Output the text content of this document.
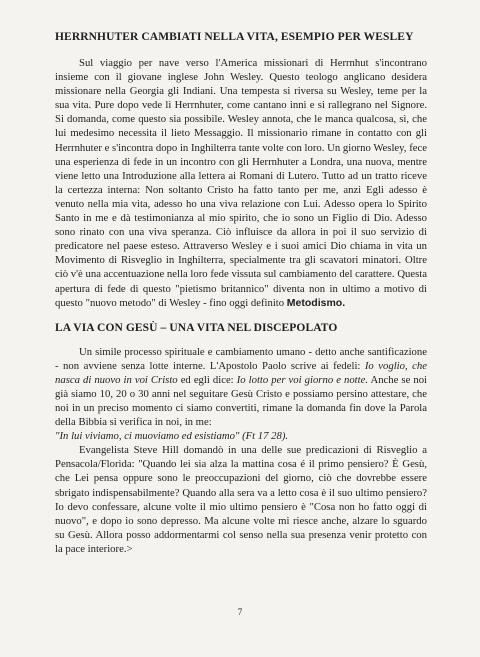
HERRNHUTER CAMBIATI NELLA VITA, ESEMPIO PER WESLEY

Sul viaggio per nave verso l'America missionari di Herrnhut s'incontrano insieme con il giovane inglese John Wesley. Questo teologo anglicano desidera missionare nella Georgia gli Indiani. Una tempesta si riversa su Wesley, teme per la sua vita. Pure dopo vede lì Herrnhuter, come cantano inni e si rallegrano nel Signore. Si domanda, come questo sia possibile. Wesley annota, che le manca qualcosa, sì, che lui medesimo necessita il lieto Messaggio. Il missionario rimane in contatto con gli Herrnhuter e s'incontra dopo in Inghilterra tante volte con loro. Un giorno Wesley, fece una esperienza di fede in un incontro con gli Herrnhuter a Londra, una nuova, mentre viene letto una Introduzione alla lettera ai Romani di Lutero. Tutto ad un tratto riceve la certezza interna: Non soltanto Cristo ha fatto tanto per me, anzi Egli adesso è venuto nella mia vita, adesso ho una viva relazione con Lui. Adesso opera lo Spirito Santo in me e dà testimonianza al mio spirito, che io sono un Figlio di Dio. Adesso sono rinato con una viva speranza. Ciò influisce da allora in poi il suo servizio di predicatore nel paese esteso. Attraverso Wesley e i suoi amici Dio chiama in vita un Movimento di Risveglio in Inghilterra, specialmente tra gli scavatori minatori. Oltre ciò v'è una accentuazione nella loro fede vissuta sul cambiamento del carattere. Questa apertura di fede di questo "pietismo britannico" diventa non in ultimo a motivo di questo "nuovo metodo" di Wesley - fino oggi definito Metodismo.

LA VIA CON GESÙ – UNA VITA NEL DISCEPOLATO

Un simile processo spirituale e cambiamento umano - detto anche santificazione - non avviene senza lotte interne. L'Apostolo Paolo scrive ai fedeli: Io voglio, che nasca di nuovo in voi Cristo ed egli dice: Io lotto per voi giorno e notte. Anche se noi già siamo 10, 20 o 30 anni nel seguitare Gesù Cristo e possiamo persino attestare, che noi in un preciso momento ci siamo convertiti, rimane la domanda fin dove la Parola della Bibbia si verifica in noi, in me:

"In lui viviamo, ci muoviamo ed esistiamo" (Ft 17 28).

Evangelista Steve Hill domandò in una delle sue predicazioni di Risveglio a Pensacola/Florida: "Quando lei sia alza la mattina cosa é il primo pensiero? È Gesù, che Lei pensa oppure sono le preoccupazioni del giorno, ciò che dovrebbe essere sbrigato indispensabilmente? Quando alla sera va a letto cosa è il suo ultimo pensiero? Io devo confessare, alcune volte il mio ultimo pensiero è "Cosa non ho fatto oggi di nuovo", e dopo io sono depresso. Ma alcune volte mi riesce anche, alzare lo sguardo su Gesù. Allora posso addormentarmi col senso nella sua presenza venir protetto con la pace interiore.>

7
